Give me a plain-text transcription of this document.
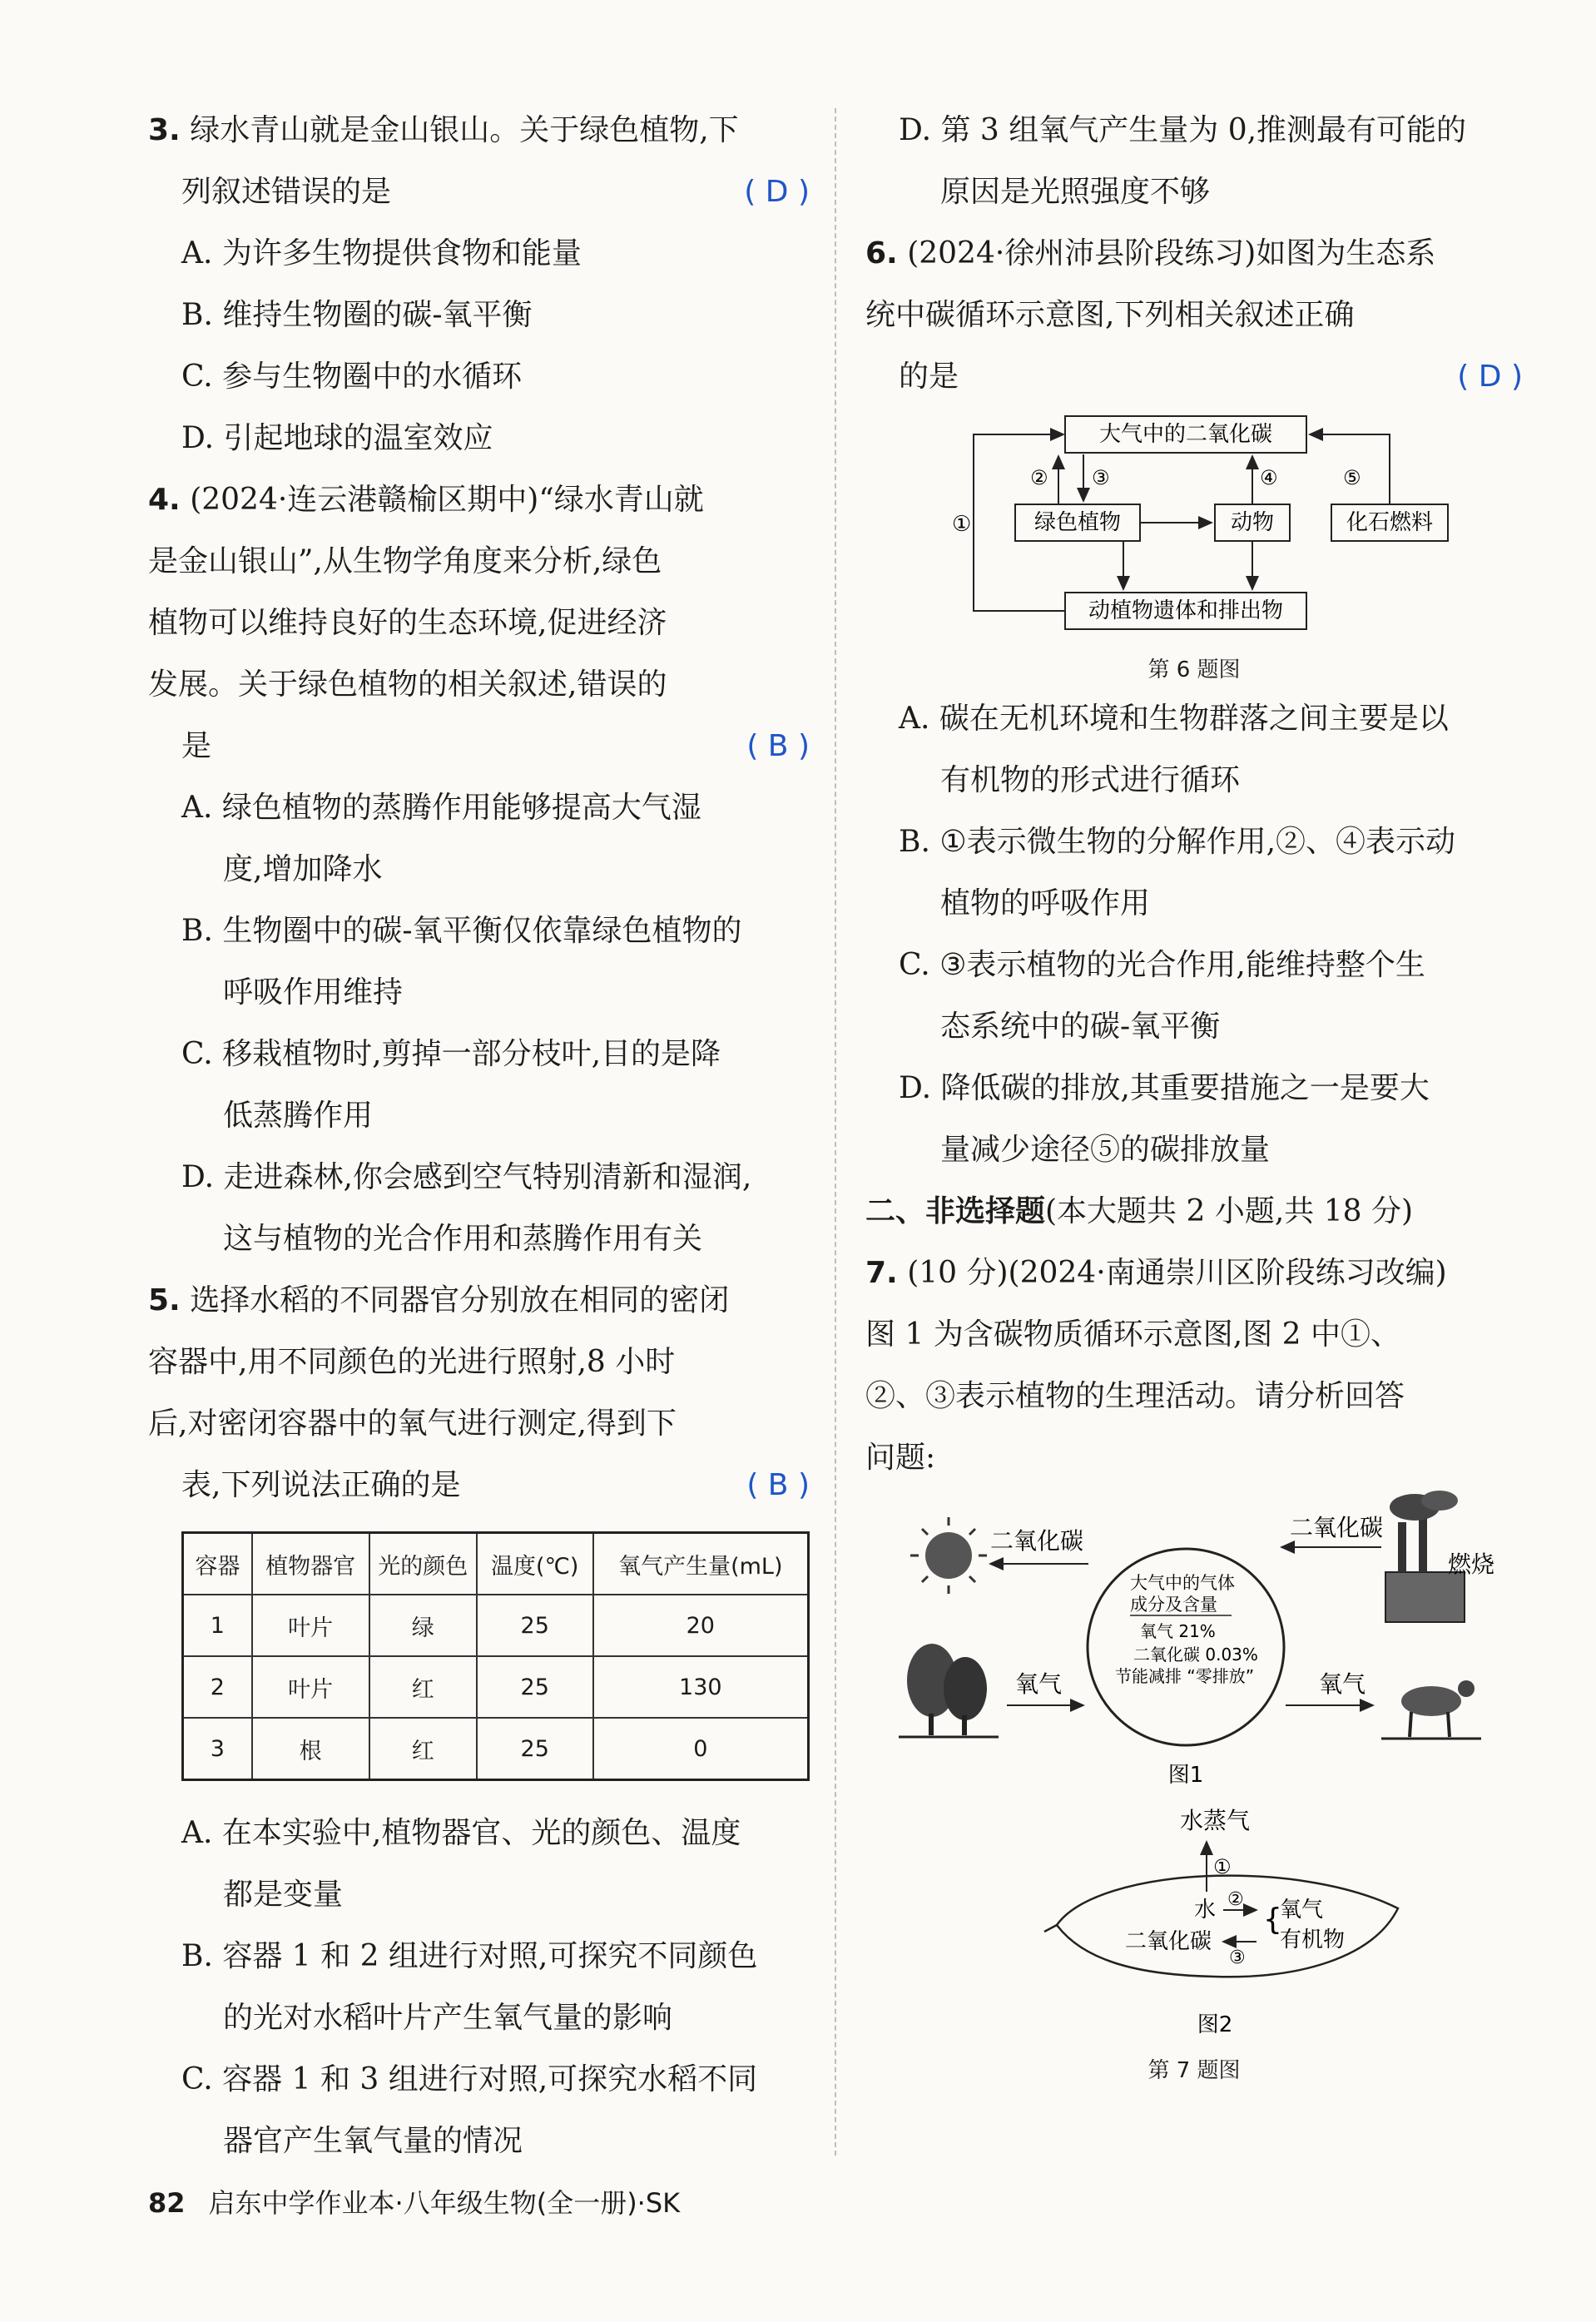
3. 绿水青山就是金山银山。关于绿色植物,下

列叙述错误的是	( D )
A. 为许多生物提供食物和能量
B. 维持生物圈的碳-氧平衡
C. 参与生物圈中的水循环
D. 引起地球的温室效应

4. (2024·连云港赣榆区期中)“绿水青山就

是金山银山”,从生物学角度来分析,绿色
植物可以维持良好的生态环境,促进经济
发展。关于绿色植物的相关叙述,错误的
是	( B )
A. 绿色植物的蒸腾作用能够提高大气湿
度,增加降水
B. 生物圈中的碳-氧平衡仅依靠绿色植物的
呼吸作用维持
C. 移栽植物时,剪掉一部分枝叶,目的是降
低蒸腾作用
D. 走进森林,你会感到空气特别清新和湿润,
这与植物的光合作用和蒸腾作用有关

5. 选择水稻的不同器官分别放在相同的密闭

容器中,用不同颜色的光进行照射,8 小时
后,对密闭容器中的氧气进行测定,得到下
表,下列说法正确的是	( B )
容器	植物器官	光的颜色	温度(℃)	氧气产生量(mL)
1	叶片	绿	25	20
2	叶片	红	25	130
3	根	红	25	0
A. 在本实验中,植物器官、光的颜色、温度
都是变量
B. 容器 1 和 2 组进行对照,可探究不同颜色
的光对水稻叶片产生氧气量的影响
C. 容器 1 和 3 组进行对照,可探究水稻不同
器官产生氧气量的情况
D. 第 3 组氧气产生量为 0,推测最有可能的
原因是光照强度不够

6. (2024·徐州沛县阶段练习)如图为生态系

统中碳循环示意图,下列相关叙述正确
的是	( D )
大气中的二氧化碳
绿色植物	动物	化石燃料
动植物遗体和排出物
①
② ③	④	⑤
第 6 题图
A. 碳在无机环境和生物群落之间主要是以
有机物的形式进行循环
B. ①表示微生物的分解作用,②、④表示动
植物的呼吸作用
C. ③表示植物的光合作用,能维持整个生
态系统中的碳-氧平衡
D. 降低碳的排放,其重要措施之一是要大
量减少途径⑤的碳排放量
二、非选择题(本大题共 2 小题,共 18 分)

7. (10 分)(2024·南通崇川区阶段练习改编)

图 1 为含碳物质循环示意图,图 2 中①、
②、③表示植物的生理活动。请分析回答
问题:
大气中的气体
成分及含量
氧气 21%
二氧化碳 0.03%
节能减排 “零排放”
二氧化碳	二氧化碳
燃烧
氧气	氧气
图1

水蒸气
①
水 ②
二氧化碳
③
{
氧气
有机物
图2
第 7 题图
82 启东中学作业本·八年级生物(全一册)·SK
